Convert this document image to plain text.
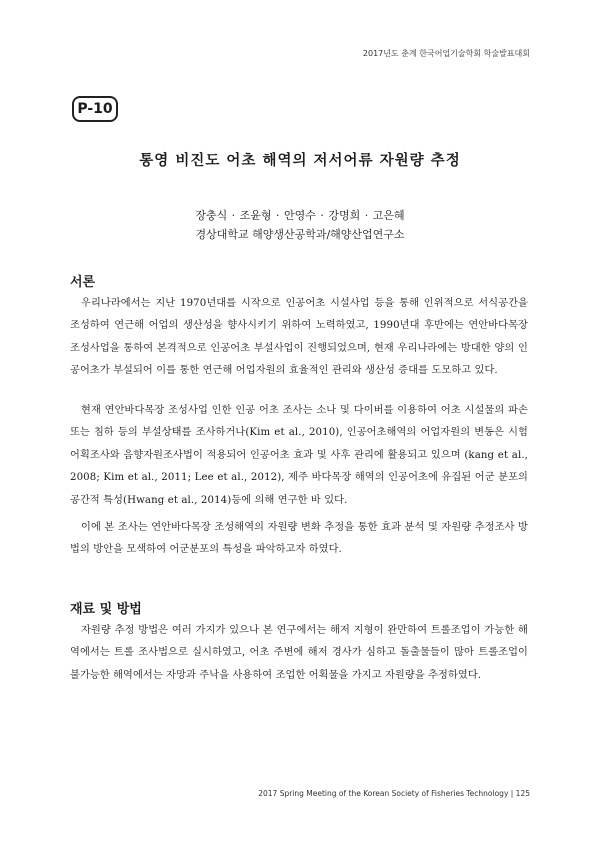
2017년도 춘계 한국어업기술학회 학술발표대회
P-10
통영 비진도 어초 해역의 저서어류 자원량 추정
장충식 · 조윤형 · 안영수 · 강명희 · 고은혜
경상대학교 해양생산공학과/해양산업연구소
서론
우리나라에서는 지난 1970년대를 시작으로 인공어초 시설사업 등을 통해 인위적으로 서식공간을 조성하여 연근해 어업의 생산성을 향사시키기 위하여 노력하였고, 1990년대 후반에는 연안바다목장 조성사업을 통하여 본격적으로 인공어초 부설사업이 진행되었으며, 현재 우리나라에는 방대한 양의 인공어초가 부설되어 이를 통한 연근해 어업자원의 효율적인 관리와 생산성 증대를 도모하고 있다.
현재 연안바다목장 조성사업 인한 인공 어초 조사는 소나 및 다이버를 이용하여 어초 시설물의 파손 또는 침하 등의 부설상태를 조사하거나(Kim et al., 2010), 인공어초해역의 어업자원의 변동은 시험어획조사와 음향자원조사법이 적용되어 인공어초 효과 및 사후 관리에 활용되고 있으며 (kang et al., 2008; Kim et al., 2011; Lee et al., 2012), 제주 바다목장 해역의 인공어초에 유집된 어군 분포의 공간적 특성(Hwang et al., 2014)등에 의해 연구한 바 있다.
이에 본 조사는 연안바다목장 조성해역의 자원량 변화 추정을 통한 효과 분석 및 자원량 추정조사 방법의 방안을 모색하여 어군분포의 특성을 파악하고자 하였다.
재료 및 방법
자원량 추정 방법은 여러 가지가 있으나 본 연구에서는 해저 지형이 완만하여 트롤조업이 가능한 해역에서는 트롤 조사법으로 실시하였고, 어초 주변에 해저 경사가 심하고 돌출물들이 많아 트롤조업이 불가능한 해역에서는 자망과 주낙을 사용하여 조업한 어획물을 가지고 자원량을 추정하였다.
2017 Spring Meeting of the Korean Society of Fisheries Technology | 125
